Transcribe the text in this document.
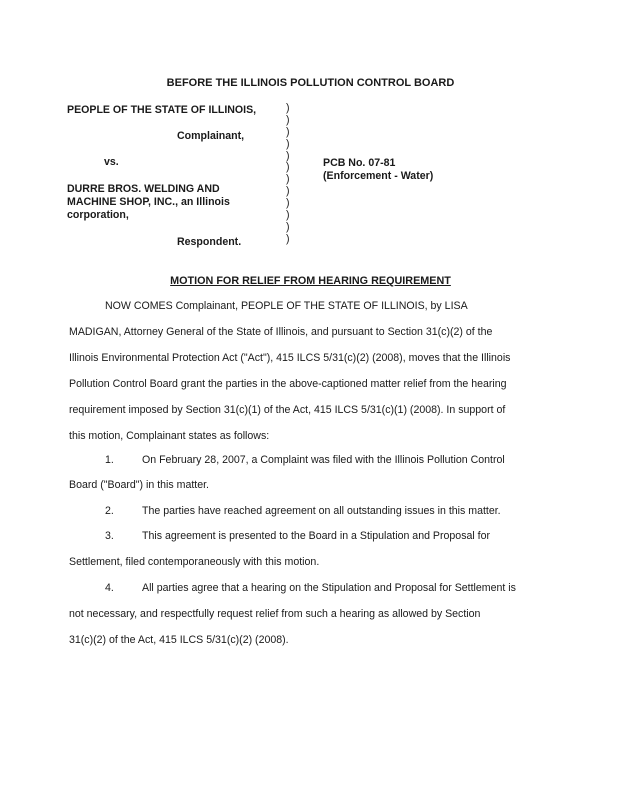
BEFORE THE ILLINOIS POLLUTION CONTROL BOARD
PEOPLE OF THE STATE OF ILLINOIS,
Complainant,
vs.
DURRE BROS. WELDING AND
MACHINE SHOP, INC., an Illinois
corporation,
Respondent.
)
)
)
)
)
)
)
)
)
)
)
)
PCB No. 07-81
(Enforcement - Water)
MOTION FOR RELIEF FROM HEARING REQUIREMENT
NOW COMES Complainant, PEOPLE OF THE STATE OF ILLINOIS, by LISA
MADIGAN, Attorney General of the State of Illinois, and pursuant to Section 31(c)(2) of the
Illinois Environmental Protection Act ("Act"), 415 ILCS 5/31(c)(2) (2008), moves that the Illinois
Pollution Control Board grant the parties in the above-captioned matter relief from the hearing
requirement imposed by Section 31(c)(1) of the Act, 415 ILCS 5/31(c)(1) (2008). In support of
this motion, Complainant states as follows:
1.	On February 28, 2007, a Complaint was filed with the Illinois Pollution Control
Board ("Board") in this matter.
2.	The parties have reached agreement on all outstanding issues in this matter.
3.	This agreement is presented to the Board in a Stipulation and Proposal for
Settlement, filed contemporaneously with this motion.
4.	All parties agree that a hearing on the Stipulation and Proposal for Settlement is
not necessary, and respectfully request relief from such a hearing as allowed by Section
31(c)(2) of the Act, 415 ILCS 5/31(c)(2) (2008).
